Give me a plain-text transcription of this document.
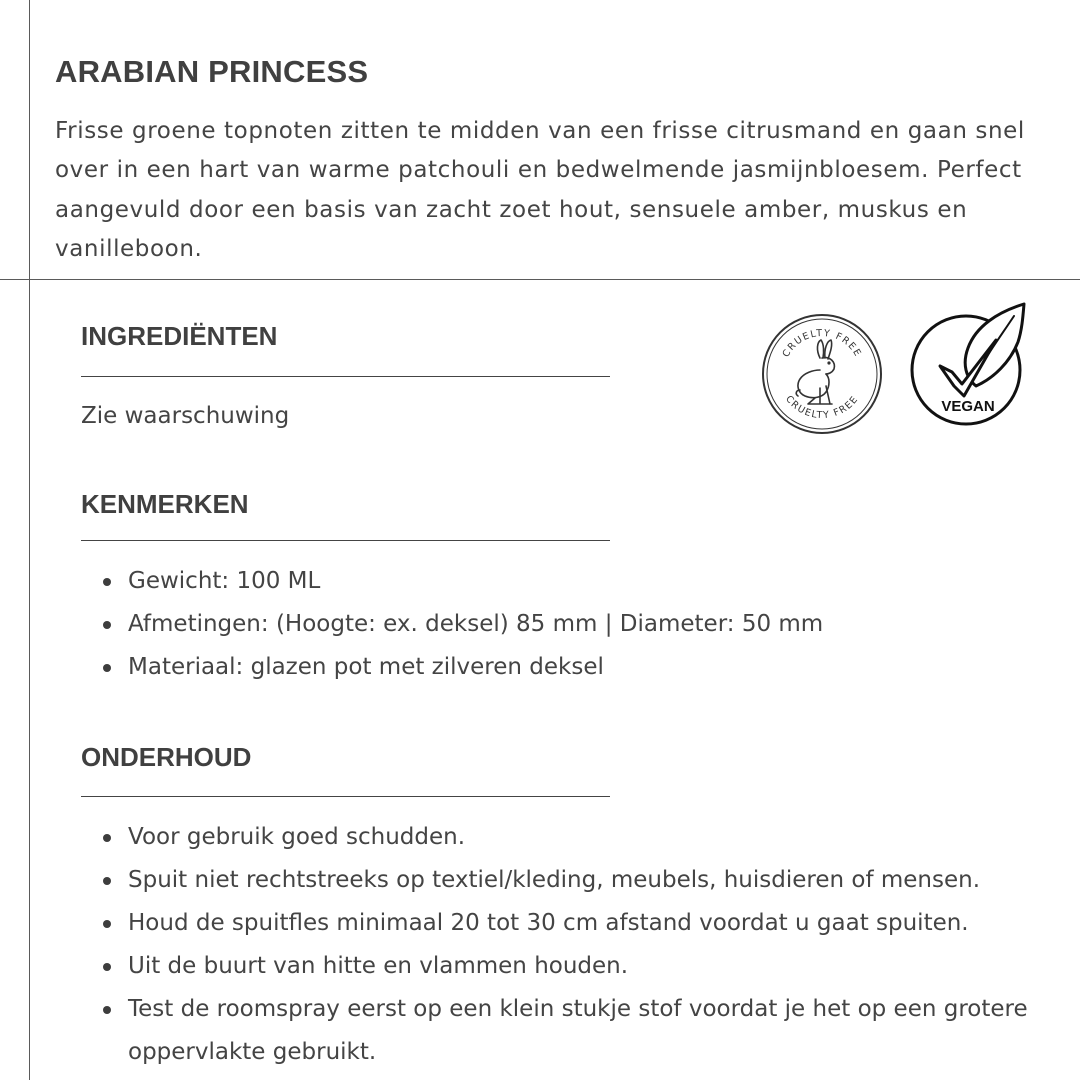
ARABIAN PRINCESS

Frisse groene topnoten zitten te midden van een frisse citrusmand en gaan snel over in een hart van warme patchouli en bedwelmende jasmijnbloesem. Perfect aangevuld door een basis van zacht zoet hout, sensuele amber, muskus en vanilleboon.

INGREDIËNTEN

Zie waarschuwing

CRUELTY FREE
CRUELTY FREE	VEGAN
KENMERKEN
Gewicht: 100 ML
Afmetingen: (Hoogte: ex. deksel) 85 mm | Diameter: 50 mm
Materiaal: glazen pot met zilveren deksel
ONDERHOUD
Voor gebruik goed schudden.
Spuit niet rechtstreeks op textiel/kleding, meubels, huisdieren of mensen.
Houd de spuitfles minimaal 20 tot 30 cm afstand voordat u gaat spuiten.
Uit de buurt van hitte en vlammen houden.
Test de roomspray eerst op een klein stukje stof voordat je het op een grotere oppervlakte gebruikt.
